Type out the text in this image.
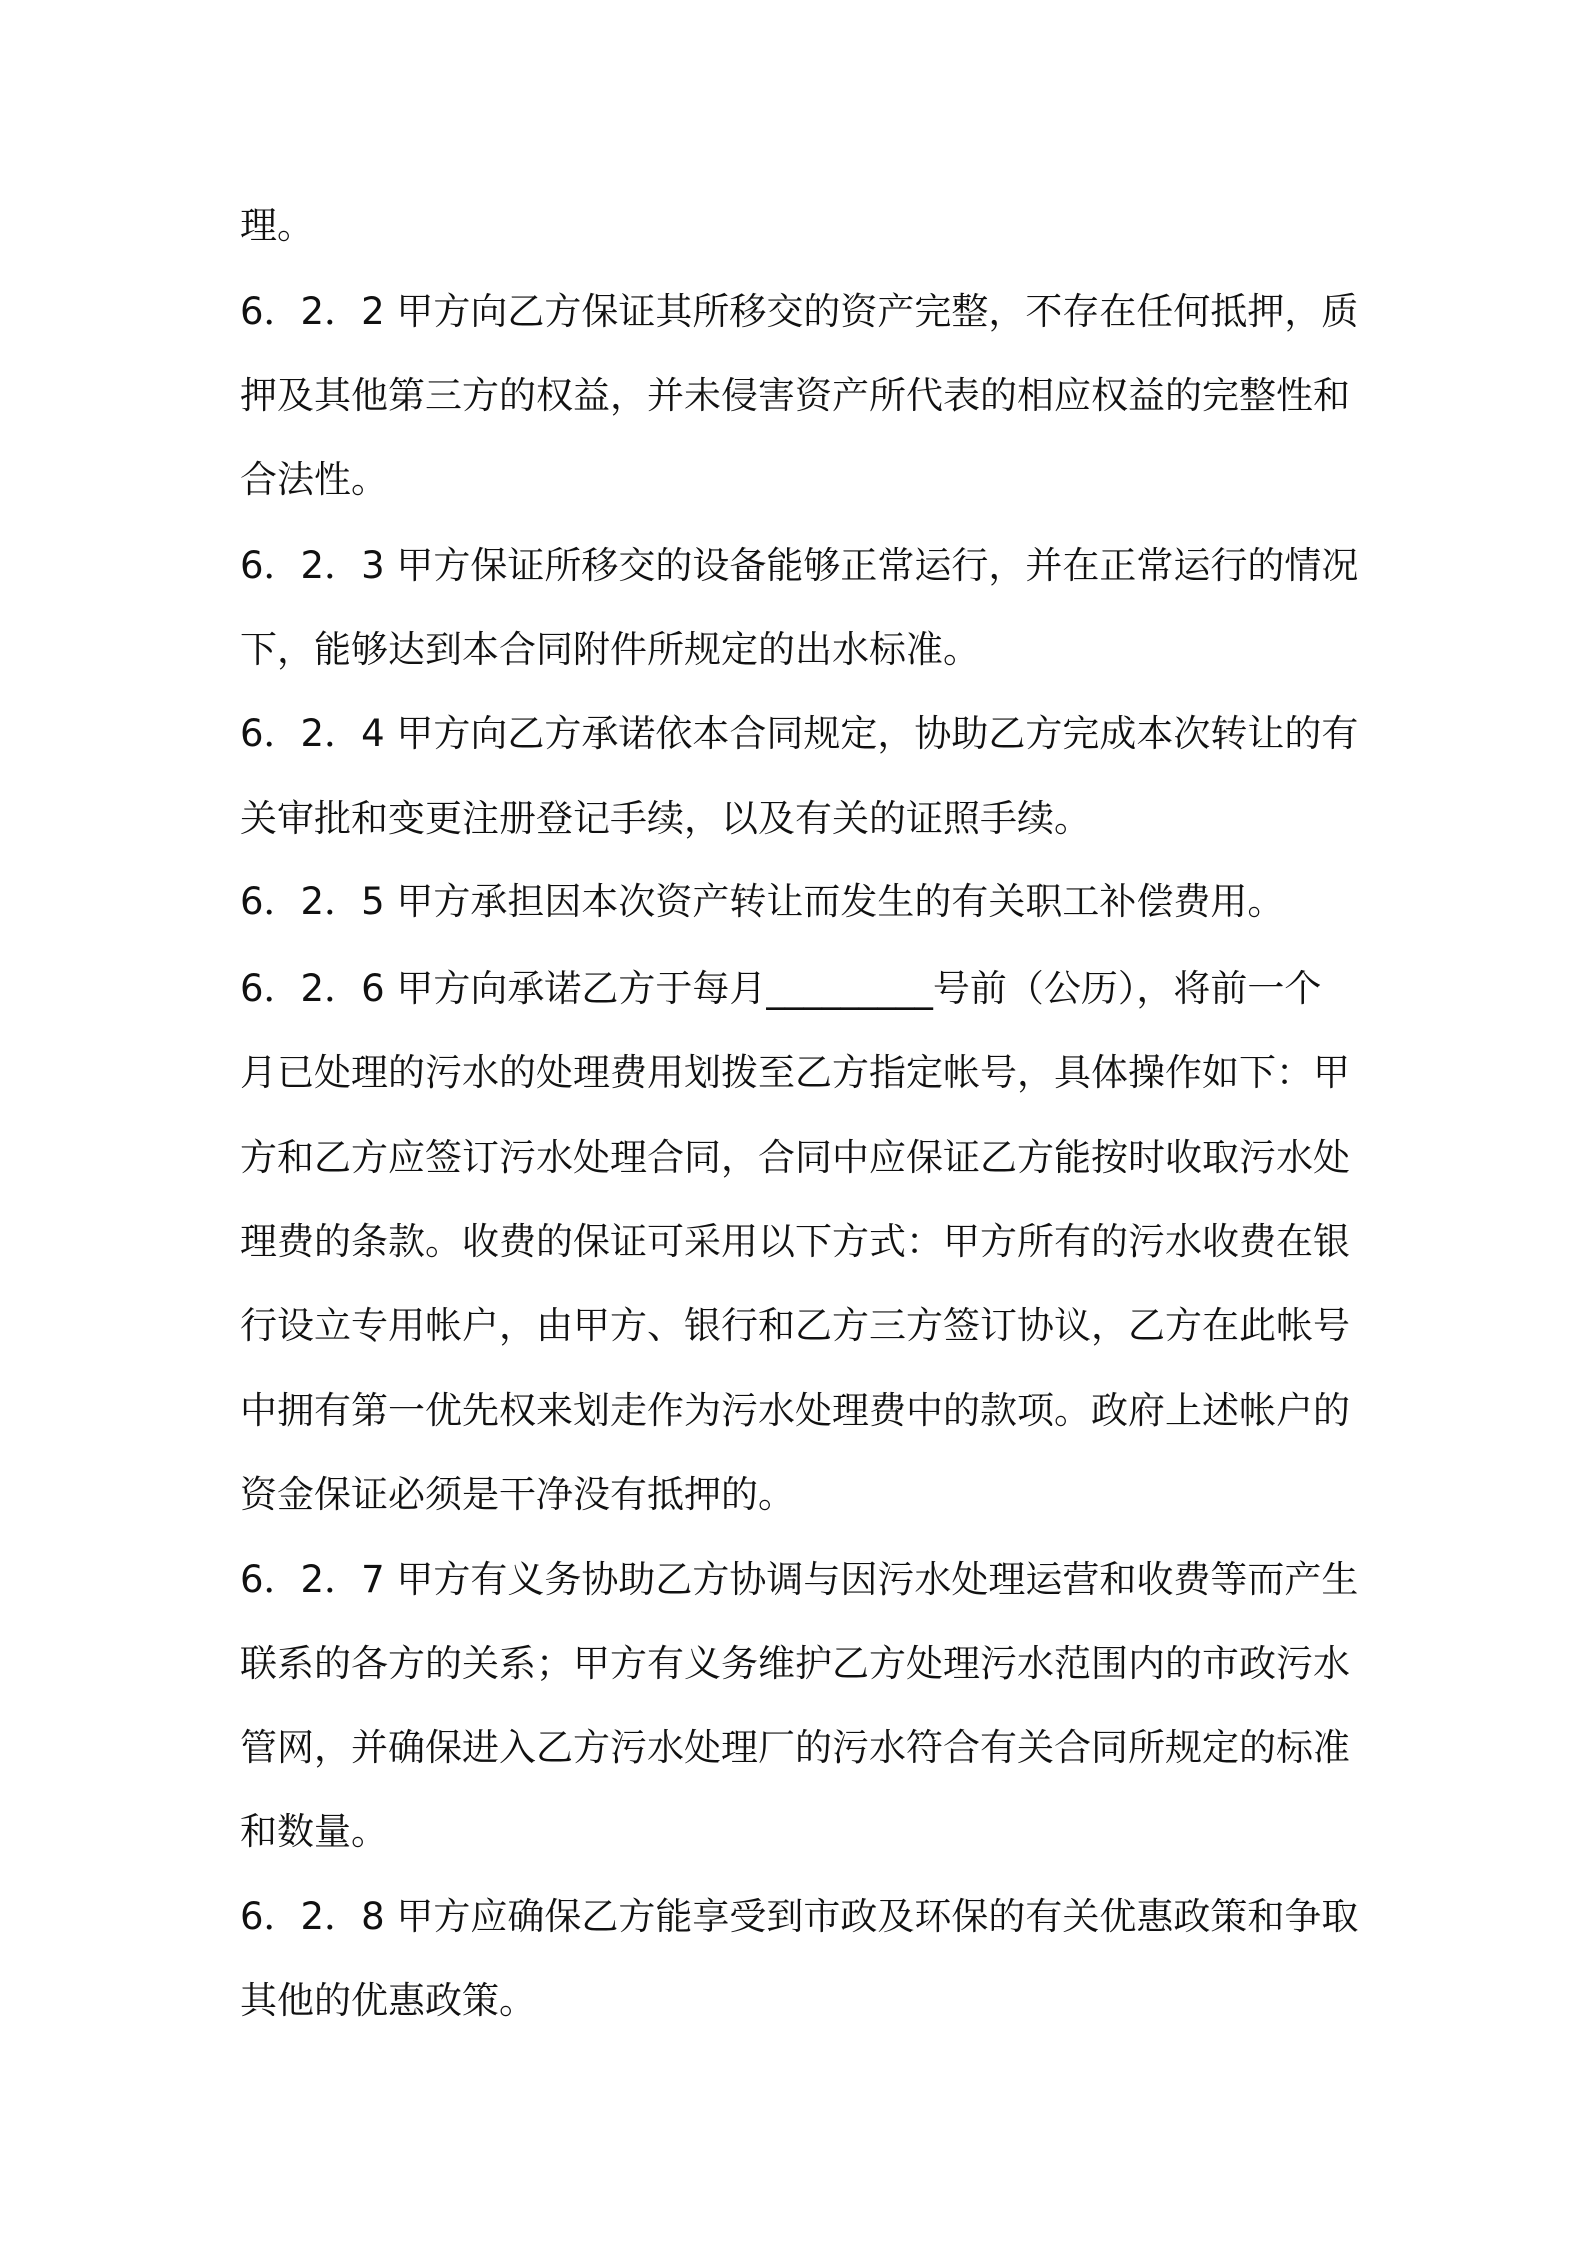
理。
6．2．2 甲方向乙方保证其所移交的资产完整，不存在任何抵押，质
押及其他第三方的权益，并未侵害资产所代表的相应权益的完整性和
合法性。
6．2．3 甲方保证所移交的设备能够正常运行，并在正常运行的情况
下，能够达到本合同附件所规定的出水标准。
6．2．4 甲方向乙方承诺依本合同规定，协助乙方完成本次转让的有
关审批和变更注册登记手续，以及有关的证照手续。
6．2．5 甲方承担因本次资产转让而发生的有关职工补偿费用。
6．2．6 甲方向承诺乙方于每月_________号前（公历），将前一个
月已处理的污水的处理费用划拨至乙方指定帐号，具体操作如下：甲
方和乙方应签订污水处理合同，合同中应保证乙方能按时收取污水处
理费的条款。收费的保证可采用以下方式：甲方所有的污水收费在银
行设立专用帐户，由甲方、银行和乙方三方签订协议，乙方在此帐号
中拥有第一优先权来划走作为污水处理费中的款项。政府上述帐户的
资金保证必须是干净没有抵押的。
6．2．7 甲方有义务协助乙方协调与因污水处理运营和收费等而产生
联系的各方的关系；甲方有义务维护乙方处理污水范围内的市政污水
管网，并确保进入乙方污水处理厂的污水符合有关合同所规定的标准
和数量。
6．2．8 甲方应确保乙方能享受到市政及环保的有关优惠政策和争取
其他的优惠政策。
